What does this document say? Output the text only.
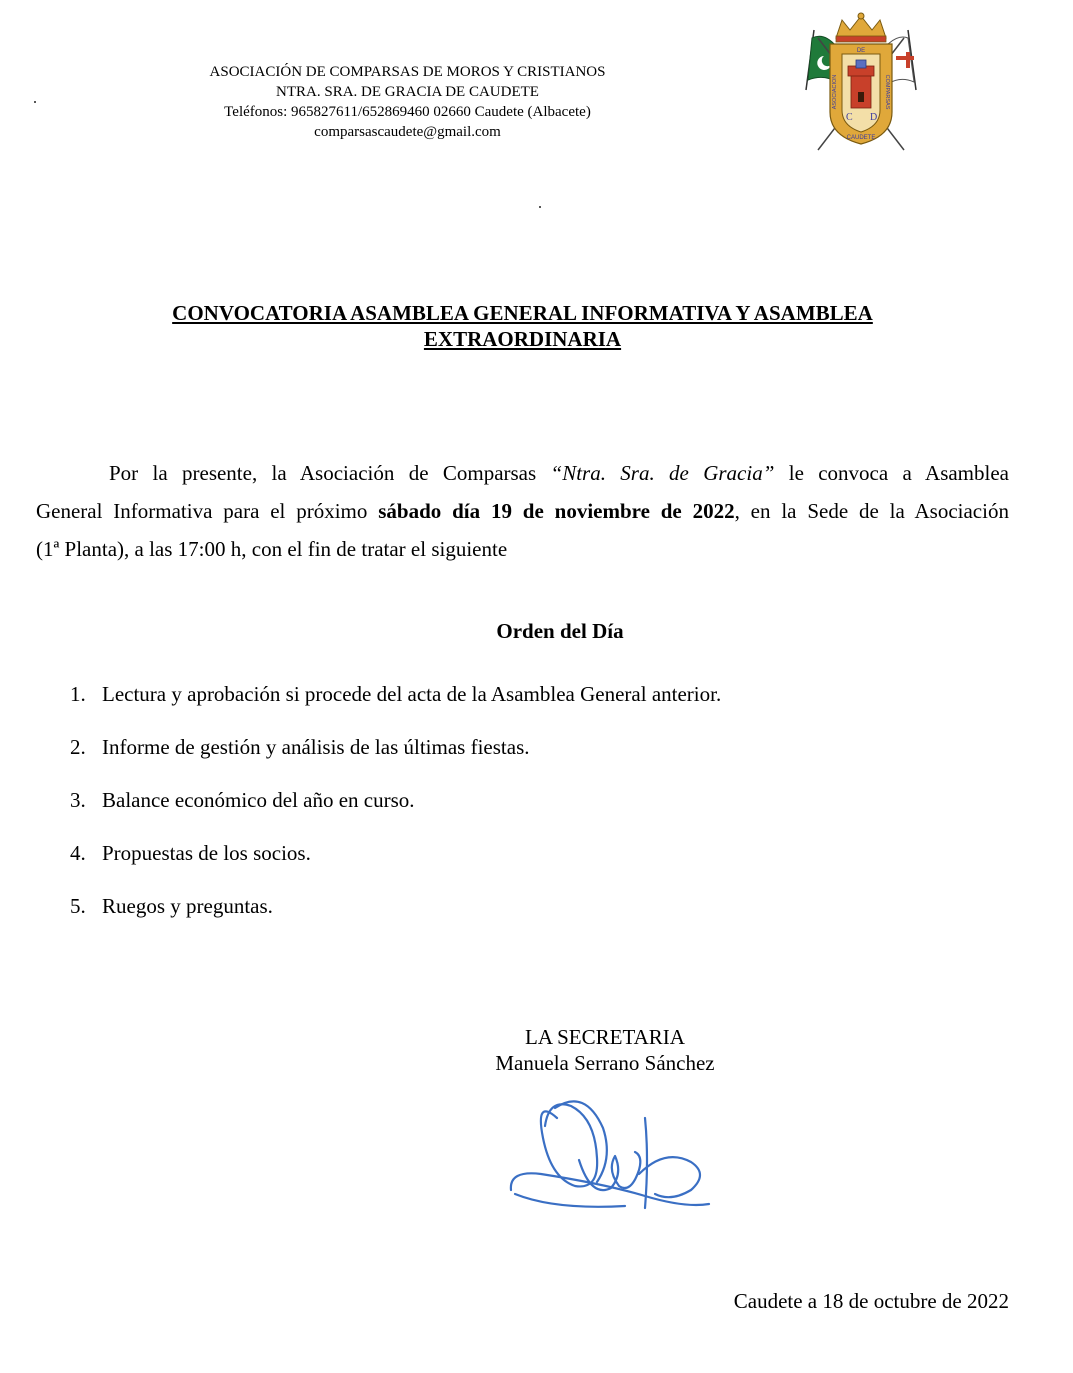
ASOCIACIÓN DE COMPARSAS DE MOROS Y CRISTIANOS
NTRA. SRA. DE GRACIA DE CAUDETE
Teléfonos: 965827611/652869460 02660 Caudete (Albacete)
comparsascaudete@gmail.com
C D
DE
ASOCIACION	COMPARSAS
CAUDETE
CONVOCATORIA ASAMBLEA GENERAL INFORMATIVA Y ASAMBLEA
EXTRAORDINARIA
Por la presente, la Asociación de Comparsas “Ntra. Sra. de Gracia” le convoca a Asamblea
General Informativa para el próximo sábado día 19 de noviembre de 2022, en la Sede de la Asociación
(1ª Planta), a las 17:00 h, con el fin de tratar el siguiente
Orden del Día
1. Lectura y aprobación si procede del acta de la Asamblea General anterior.
2. Informe de gestión y análisis de las últimas fiestas.
3. Balance económico del año en curso.
4. Propuestas de los socios.
5. Ruegos y preguntas.
LA SECRETARIA
Manuela Serrano Sánchez
Caudete a 18 de octubre de 2022
